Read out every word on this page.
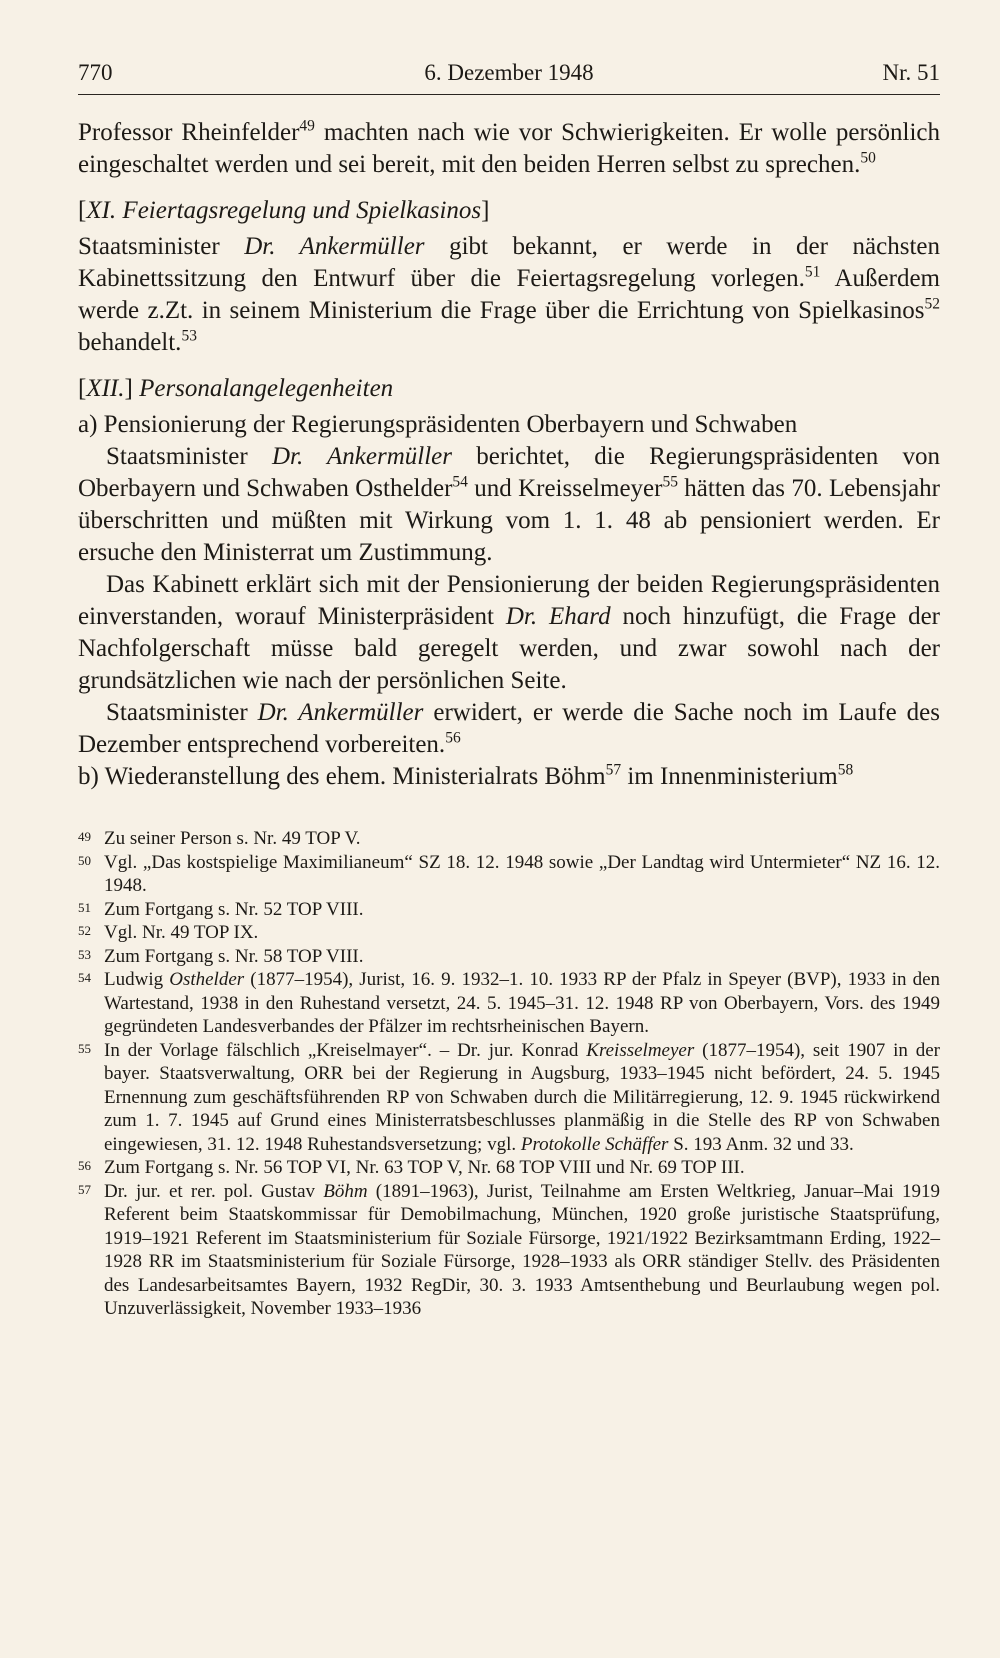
770	6. Dezember 1948	Nr. 51

Professor Rheinfelder$^{49}$ machten nach wie vor Schwierigkeiten. Er wolle persönlich eingeschaltet werden und sei bereit, mit den beiden Herren selbst zu sprechen.$^{50}$

[XI. Feiertagsregelung und Spielkasinos]

Staatsminister Dr. Ankermüller gibt bekannt, er werde in der nächsten Kabinettssitzung den Entwurf über die Feiertagsregelung vorlegen.$^{51}$ Außerdem werde z.Zt. in seinem Ministerium die Frage über die Errichtung von Spielkasinos$^{52}$ behandelt.$^{53}$

[XII.] Personalangelegenheiten

a) Pensionierung der Regierungspräsidenten Oberbayern und Schwaben

Staatsminister Dr. Ankermüller berichtet, die Regierungspräsidenten von Oberbayern und Schwaben Osthelder$^{54}$ und Kreisselmeyer$^{55}$ hätten das 70. Lebensjahr überschritten und müßten mit Wirkung vom 1. 1. 48 ab pensioniert werden. Er ersuche den Ministerrat um Zustimmung.

Das Kabinett erklärt sich mit der Pensionierung der beiden Regierungspräsidenten einverstanden, worauf Ministerpräsident Dr. Ehard noch hinzufügt, die Frage der Nachfolgerschaft müsse bald geregelt werden, und zwar sowohl nach der grundsätzlichen wie nach der persönlichen Seite.

Staatsminister Dr. Ankermüller erwidert, er werde die Sache noch im Laufe des Dezember entsprechend vorbereiten.$^{56}$

b) Wiederanstellung des ehem. Ministerialrats Böhm$^{57}$ im Innenministerium$^{58}$

49 Zu seiner Person s. Nr. 49 TOP V.
50 Vgl. „Das kostspielige Maximilianeum“ SZ 18. 12. 1948 sowie „Der Landtag wird Untermieter“ NZ 16. 12. 1948.
51 Zum Fortgang s. Nr. 52 TOP VIII.
52 Vgl. Nr. 49 TOP IX.
53 Zum Fortgang s. Nr. 58 TOP VIII.
54 Ludwig Osthelder (1877–1954), Jurist, 16. 9. 1932–1. 10. 1933 RP der Pfalz in Speyer (BVP), 1933 in den Wartestand, 1938 in den Ruhestand versetzt, 24. 5. 1945–31. 12. 1948 RP von Oberbayern, Vors. des 1949 gegründeten Landesverbandes der Pfälzer im rechtsrheinischen Bayern.
55 In der Vorlage fälschlich „Kreiselmayer“. – Dr. jur. Konrad Kreisselmeyer (1877–1954), seit 1907 in der bayer. Staatsverwaltung, ORR bei der Regierung in Augsburg, 1933–1945 nicht befördert, 24. 5. 1945 Ernennung zum geschäftsführenden RP von Schwaben durch die Militärregierung, 12. 9. 1945 rückwirkend zum 1. 7. 1945 auf Grund eines Ministerratsbeschlusses planmäßig in die Stelle des RP von Schwaben eingewiesen, 31. 12. 1948 Ruhestandsversetzung; vgl. Protokolle Schäffer S. 193 Anm. 32 und 33.
56 Zum Fortgang s. Nr. 56 TOP VI, Nr. 63 TOP V, Nr. 68 TOP VIII und Nr. 69 TOP III.
57 Dr. jur. et rer. pol. Gustav Böhm (1891–1963), Jurist, Teilnahme am Ersten Weltkrieg, Januar–Mai 1919 Referent beim Staatskommissar für Demobilmachung, München, 1920 große juristische Staatsprüfung, 1919–1921 Referent im Staatsministerium für Soziale Fürsorge, 1921/1922 Bezirksamtmann Erding, 1922–1928 RR im Staatsministerium für Soziale Fürsorge, 1928–1933 als ORR ständiger Stellv. des Präsidenten des Landesarbeitsamtes Bayern, 1932 RegDir, 30. 3. 1933 Amtsenthebung und Beurlaubung wegen pol. Unzuverlässigkeit, November 1933–1936
